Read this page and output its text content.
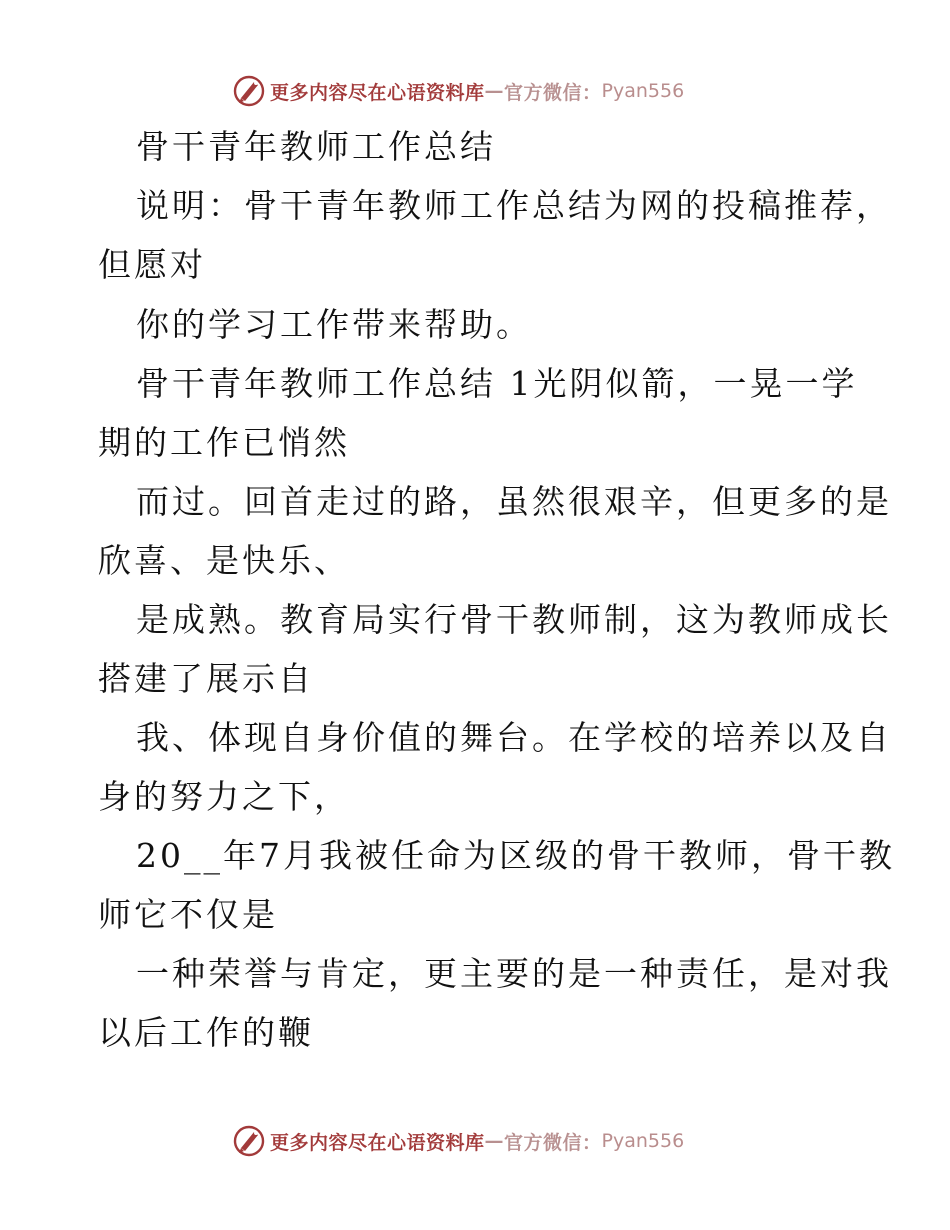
更多内容尽在心语资料库 — 官方微信： Pyan556
骨干青年教师工作总结
说明：骨干青年教师工作总结为网的投稿推荐，
但愿对
你的学习工作带来帮助。
骨干青年教师工作总结 1光阴似箭，一晃一学
期的工作已悄然
而过。回首走过的路，虽然很艰辛，但更多的是
欣喜、是快乐、
是成熟。教育局实行骨干教师制，这为教师成长
搭建了展示自
我、体现自身价值的舞台。在学校的培养以及自
身的努力之下，
20__年7月我被任命为区级的骨干教师，骨干教
师它不仅是
一种荣誉与肯定，更主要的是一种责任，是对我
以后工作的鞭
更多内容尽在心语资料库 — 官方微信： Pyan556
